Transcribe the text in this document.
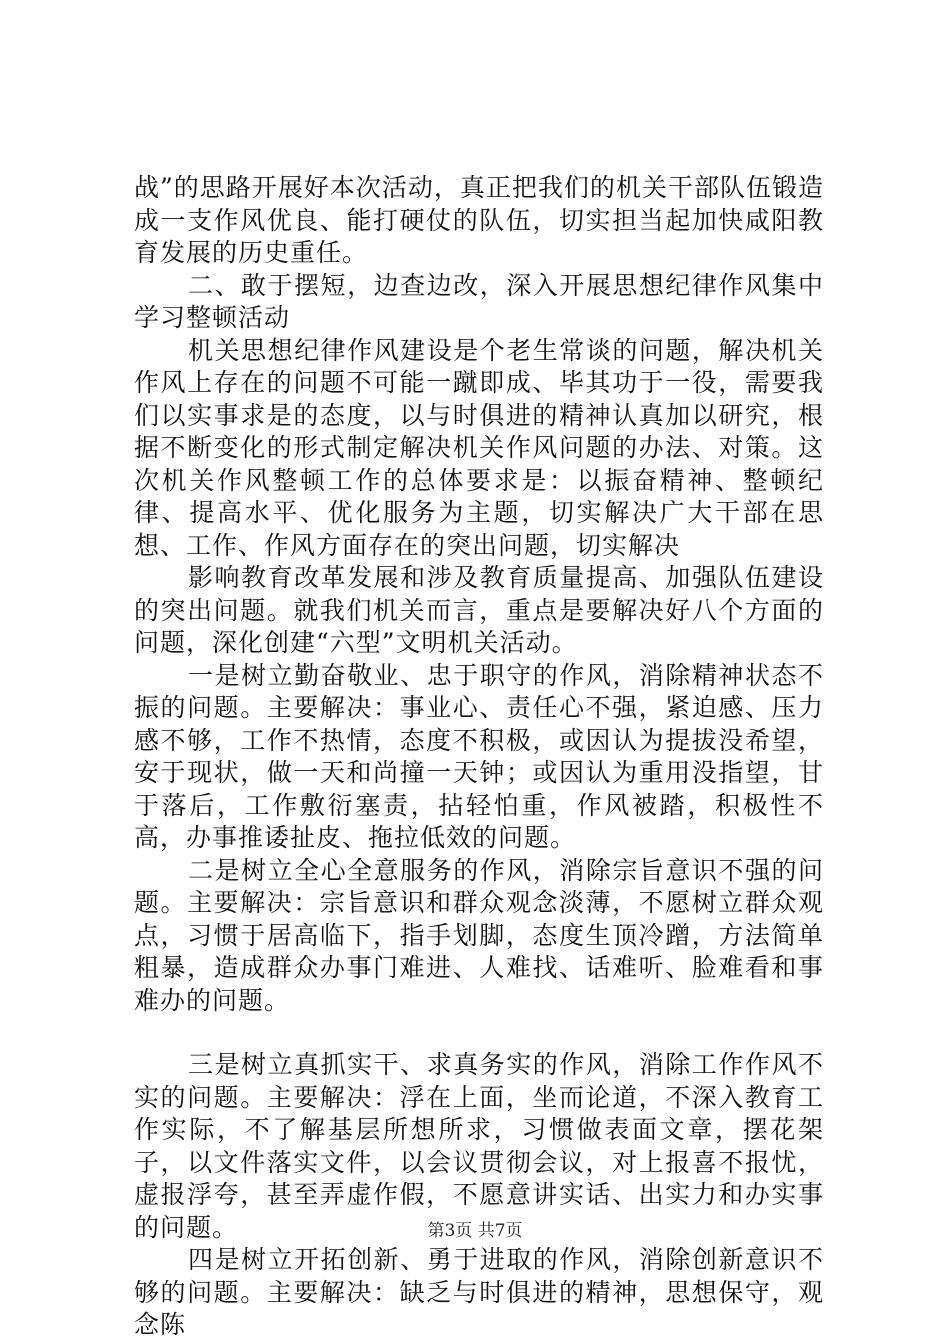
战”的思路开展好本次活动，真正把我们的机关干部队伍锻造成一支作风优良、能打硬仗的队伍，切实担当起加快咸阳教育发展的历史重任。

二、敢于摆短，边查边改，深入开展思想纪律作风集中学习整顿活动

机关思想纪律作风建设是个老生常谈的问题，解决机关作风上存在的问题不可能一蹴即成、毕其功于一役，需要我们以实事求是的态度，以与时俱进的精神认真加以研究，根据不断变化的形式制定解决机关作风问题的办法、对策。这次机关作风整顿工作的总体要求是：以振奋精神、整顿纪律、提高水平、优化服务为主题，切实解决广大干部在思想、工作、作风方面存在的突出问题，切实解决

影响教育改革发展和涉及教育质量提高、加强队伍建设的突出问题。就我们机关而言，重点是要解决好八个方面的问题，深化创建“六型”文明机关活动。

一是树立勤奋敬业、忠于职守的作风，消除精神状态不振的问题。主要解决：事业心、责任心不强，紧迫感、压力感不够，工作不热情，态度不积极，或因认为提拔没希望，安于现状，做一天和尚撞一天钟；或因认为重用没指望，甘于落后，工作敷衍塞责，拈轻怕重，作风被踏，积极性不高，办事推诿扯皮、拖拉低效的问题。

二是树立全心全意服务的作风，消除宗旨意识不强的问题。主要解决：宗旨意识和群众观念淡薄，不愿树立群众观点，习惯于居高临下，指手划脚，态度生顶冷蹭，方法简单粗暴，造成群众办事门难进、人难找、话难听、脸难看和事难办的问题。

三是树立真抓实干、求真务实的作风，消除工作作风不实的问题。主要解决：浮在上面，坐而论道，不深入教育工作实际，不了解基层所想所求，习惯做表面文章，摆花架子，以文件落实文件，以会议贯彻会议，对上报喜不报忧，虚报浮夸，甚至弄虚作假，不愿意讲实话、出实力和办实事的问题。

四是树立开拓创新、勇于进取的作风，消除创新意识不够的问题。主要解决：缺乏与时俱进的精神，思想保守，观念陈

第3页 共7页
